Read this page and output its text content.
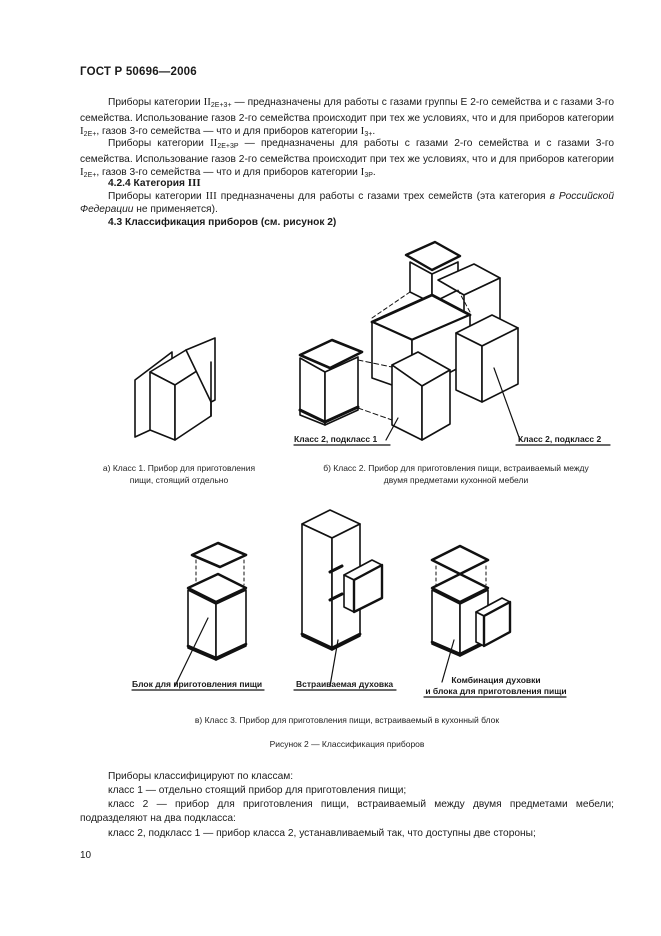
ГОСТ Р 50696—2006
Приборы категории $II_{2E+3+}$ — предназначены для работы с газами группы Е 2-го семейства и с газами 3-го семейства. Использование газов 2-го семейства происходит при тех же условиях, что и для приборов категории $I_{2E+}$, газов 3-го семейства — что и для приборов категории $I_{3+}$.
Приборы категории $II_{2E+3P}$ — предназначены для работы с газами 2-го семейства и с газами 3-го семейства. Использование газов 2-го семейства происходит при тех же условиях, что и для приборов категории $I_{2E+}$, газов 3-го семейства — что и для приборов категории $I_{3P}$.
4.2.4 Категория III
Приборы категории III предназначены для работы с газами трех семейств (эта категория в Российской Федерации не применяется).
4.3 Классификация приборов (см. рисунок 2)
Класс 2, подкласс 1	Класс 2, подкласс 2
а) Класс 1. Прибор для приготовления
пищи, стоящий отдельно
б) Класс 2. Прибор для приготовления пищи, встраиваемый между
двумя предметами кухонной мебели
Блок для приготовления пищи	Встраиваемая духовка	Комбинация духовки
и блока для приготовления пищи
в) Класс 3. Прибор для приготовления пищи, встраиваемый в кухонный блок
Рисунок 2 — Классификация приборов
Приборы классифицируют по классам:
класс 1 — отдельно стоящий прибор для приготовления пищи;
класс 2 — прибор для приготовления пищи, встраиваемый между двумя предметами мебели; подразделяют на два подкласса:
класс 2, подкласс 1 — прибор класса 2, устанавливаемый так, что доступны две стороны;
10
